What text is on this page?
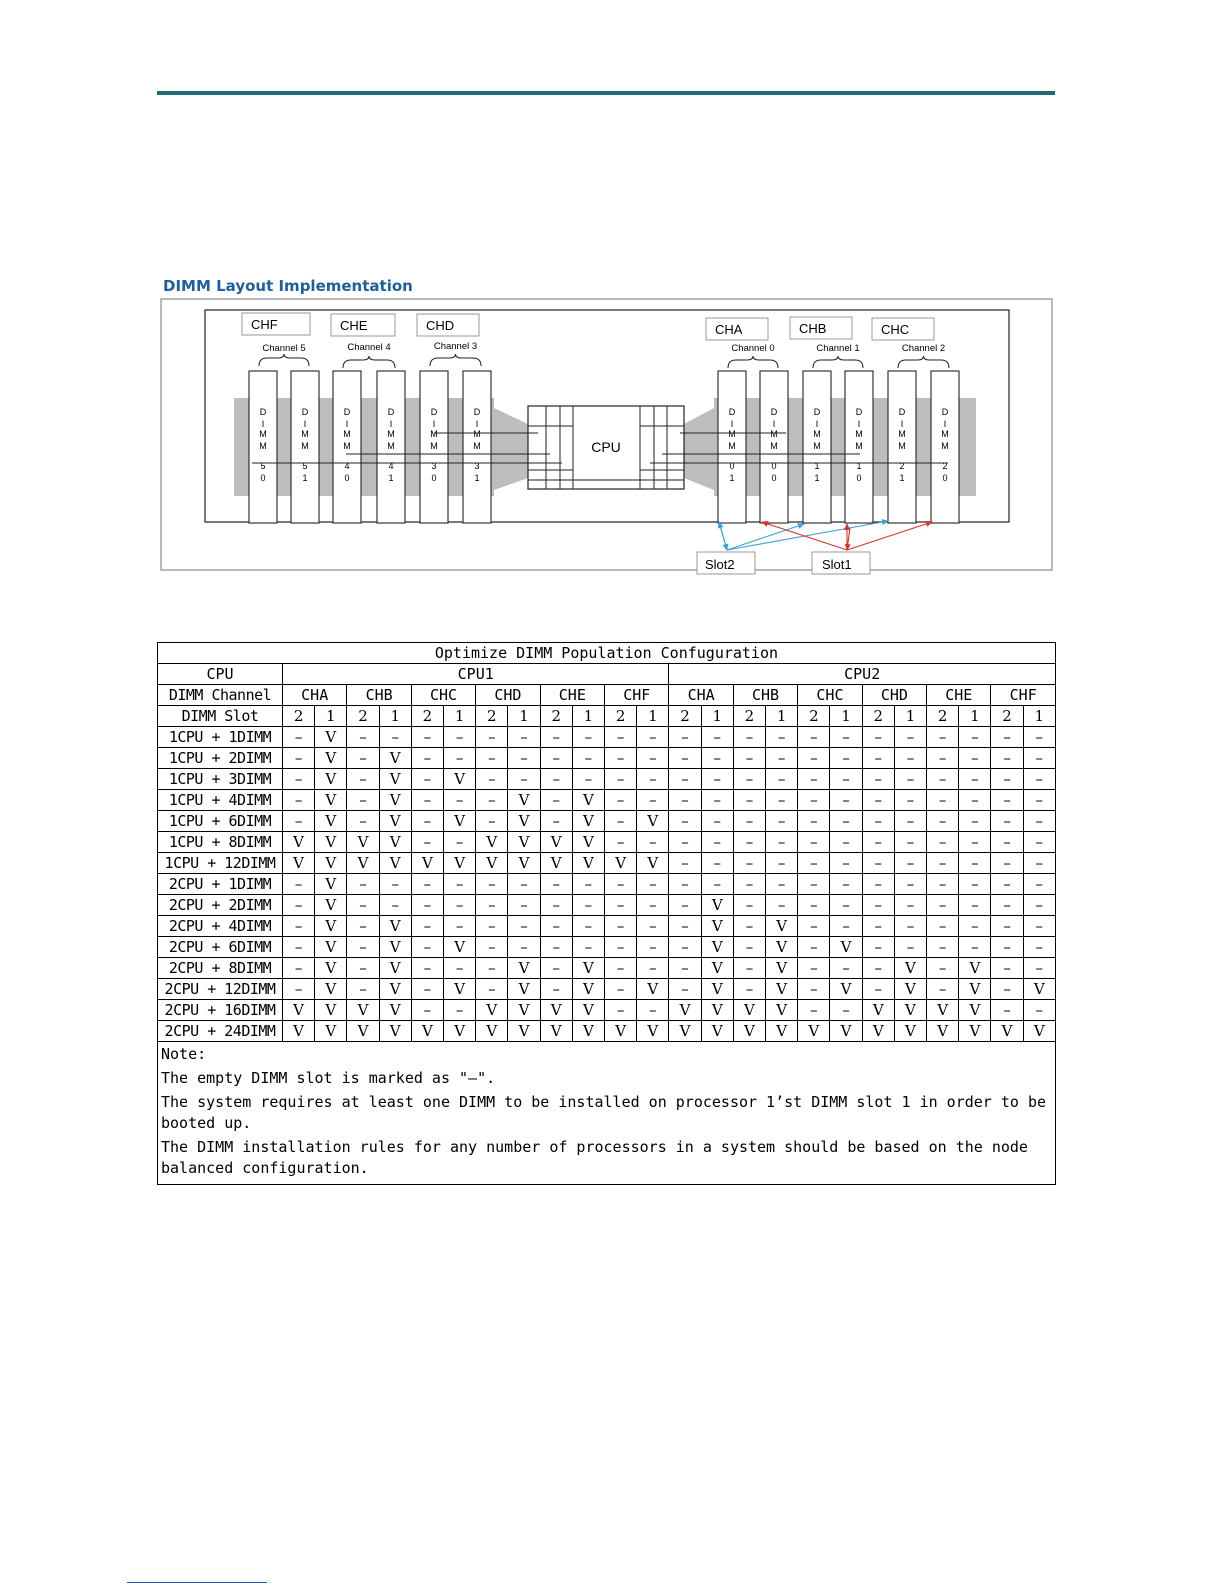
DIMM Layout Implementation
CPU
CHF
Channel 5
D
I
M
M
5
0
D
I
M
M
5
1
CHE
Channel 4
D
I
M
M
4
0
D
I
M
M
4
1
CHD
Channel 3
D
I
M
M
3
0
D
I
M
M
3
1
CHA
Channel 0
D
I
M
M
0
1
D
I
M
M
0
0
CHB
Channel 1
D
I
M
M
1
1
D
I
M
M
1
0
CHC
Channel 2
D
I
M
M
2
1
D
I
M
M
2
0
Slot2	Slot1
Optimize DIMM Population Confuguration																								
CPU	CPU1												CPU2											
DIMM Channel	CHA		CHB		CHC		CHD		CHE		CHF		CHA		CHB		CHC		CHD		CHE		CHF	
DIMM Slot	2	1	2	1	2	1	2	1	2	1	2	1	2	1	2	1	2	1	2	1	2	1	2	1
1CPU + 1DIMM	–	V	–	–	–	–	–	–	–	–	–	–	–	–	–	–	–	–	–	–	–	–	–	–
1CPU + 2DIMM	–	V	–	V	–	–	–	–	–	–	–	–	–	–	–	–	–	–	–	–	–	–	–	–
1CPU + 3DIMM	–	V	–	V	–	V	–	–	–	–	–	–	–	–	–	–	–	–	–	–	–	–	–	–
1CPU + 4DIMM	–	V	–	V	–	–	–	V	–	V	–	–	–	–	–	–	–	–	–	–	–	–	–	–
1CPU + 6DIMM	–	V	–	V	–	V	–	V	–	V	–	V	–	–	–	–	–	–	–	–	–	–	–	–
1CPU + 8DIMM	V	V	V	V	–	–	V	V	V	V	–	–	–	–	–	–	–	–	–	–	–	–	–	–
1CPU + 12DIMM	V	V	V	V	V	V	V	V	V	V	V	V	–	–	–	–	–	–	–	–	–	–	–	–
2CPU + 1DIMM	–	V	–	–	–	–	–	–	–	–	–	–	–	–	–	–	–	–	–	–	–	–	–	–
2CPU + 2DIMM	–	V	–	–	–	–	–	–	–	–	–	–	–	V	–	–	–	–	–	–	–	–	–	–
2CPU + 4DIMM	–	V	–	V	–	–	–	–	–	–	–	–	–	V	–	V	–	–	–	–	–	–	–	–
2CPU + 6DIMM	–	V	–	V	–	V	–	–	–	–	–	–	–	V	–	V	–	V	–	–	–	–	–	–
2CPU + 8DIMM	–	V	–	V	–	–	–	V	–	V	–	–	–	V	–	V	–	–	–	V	–	V	–	–
2CPU + 12DIMM	–	V	–	V	–	V	–	V	–	V	–	V	–	V	–	V	–	V	–	V	–	V	–	V
2CPU + 16DIMM	V	V	V	V	–	–	V	V	V	V	–	–	V	V	V	V	–	–	V	V	V	V	–	–
2CPU + 24DIMM	V	V	V	V	V	V	V	V	V	V	V	V	V	V	V	V	V	V	V	V	V	V	V	V

Note:

The empty DIMM slot is marked as "–".

The system requires at least one DIMM to be installed on processor 1’st DIMM slot 1 in order to be booted up.

The DIMM installation rules for any number of processors in a system should be based on the node balanced configuration.																								
